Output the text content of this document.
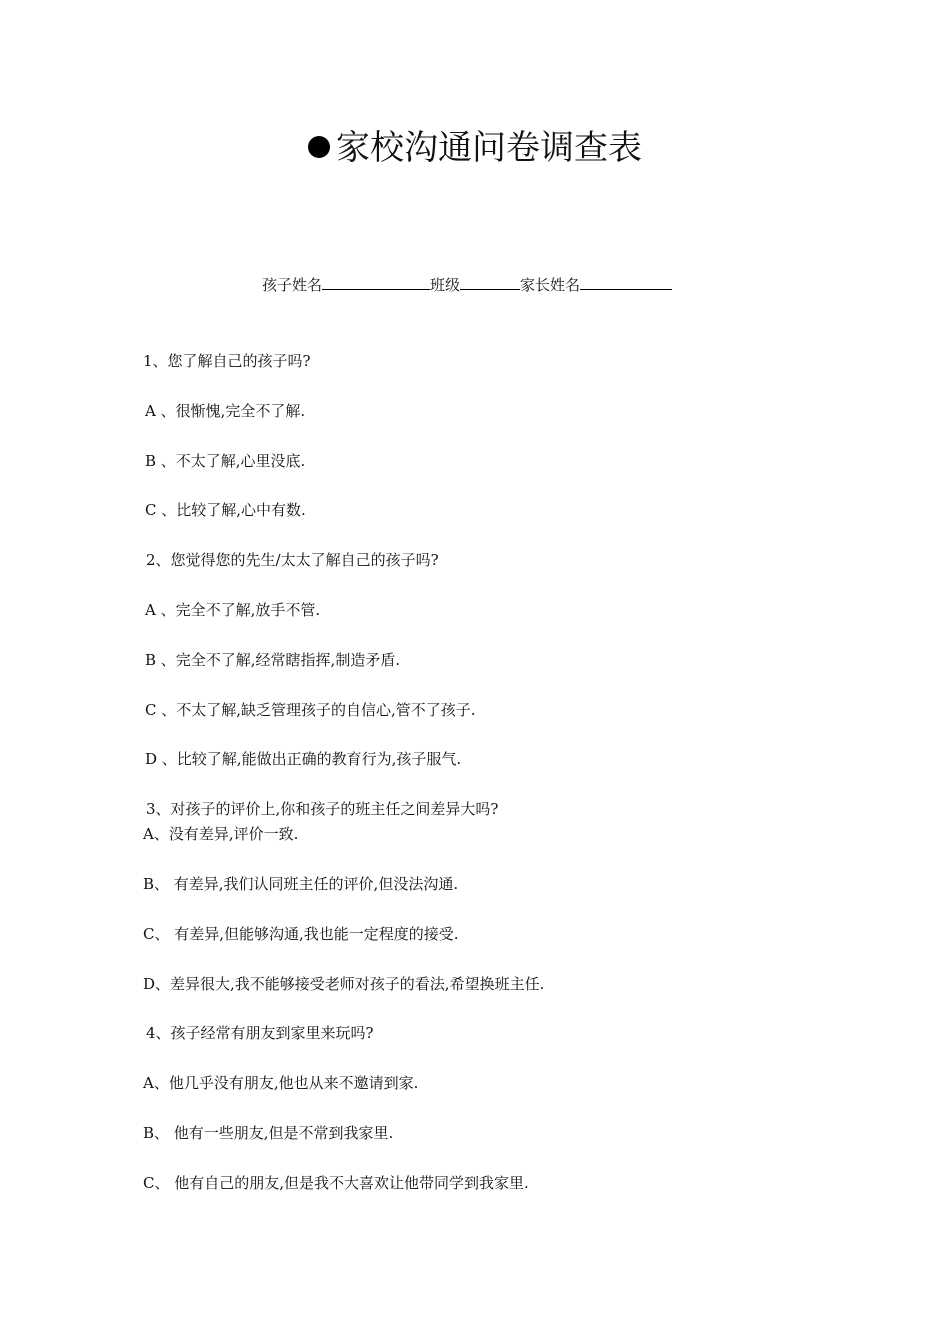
家校沟通问卷调查表
孩子姓名	班级	家长姓名
1、您了解自己的孩子吗?
A 、很惭愧,完全不了解.
B 、不太了解,心里没底.
C 、比较了解,心中有数.
2、您觉得您的先生/太太了解自己的孩子吗?
A 、完全不了解,放手不管.
B 、完全不了解,经常瞎指挥,制造矛盾.
C 、不太了解,缺乏管理孩子的自信心,管不了孩子.
D 、比较了解,能做出正确的教育行为,孩子服气.
3、对孩子的评价上,你和孩子的班主任之间差异大吗?
A、没有差异,评价一致.
B、 有差异,我们认同班主任的评价,但没法沟通.
C、 有差异,但能够沟通,我也能一定程度的接受.
D、差异很大,我不能够接受老师对孩子的看法,希望换班主任.
4、孩子经常有朋友到家里来玩吗?
A、他几乎没有朋友,他也从来不邀请到家.
B、 他有一些朋友,但是不常到我家里.
C、 他有自己的朋友,但是我不大喜欢让他带同学到我家里.
